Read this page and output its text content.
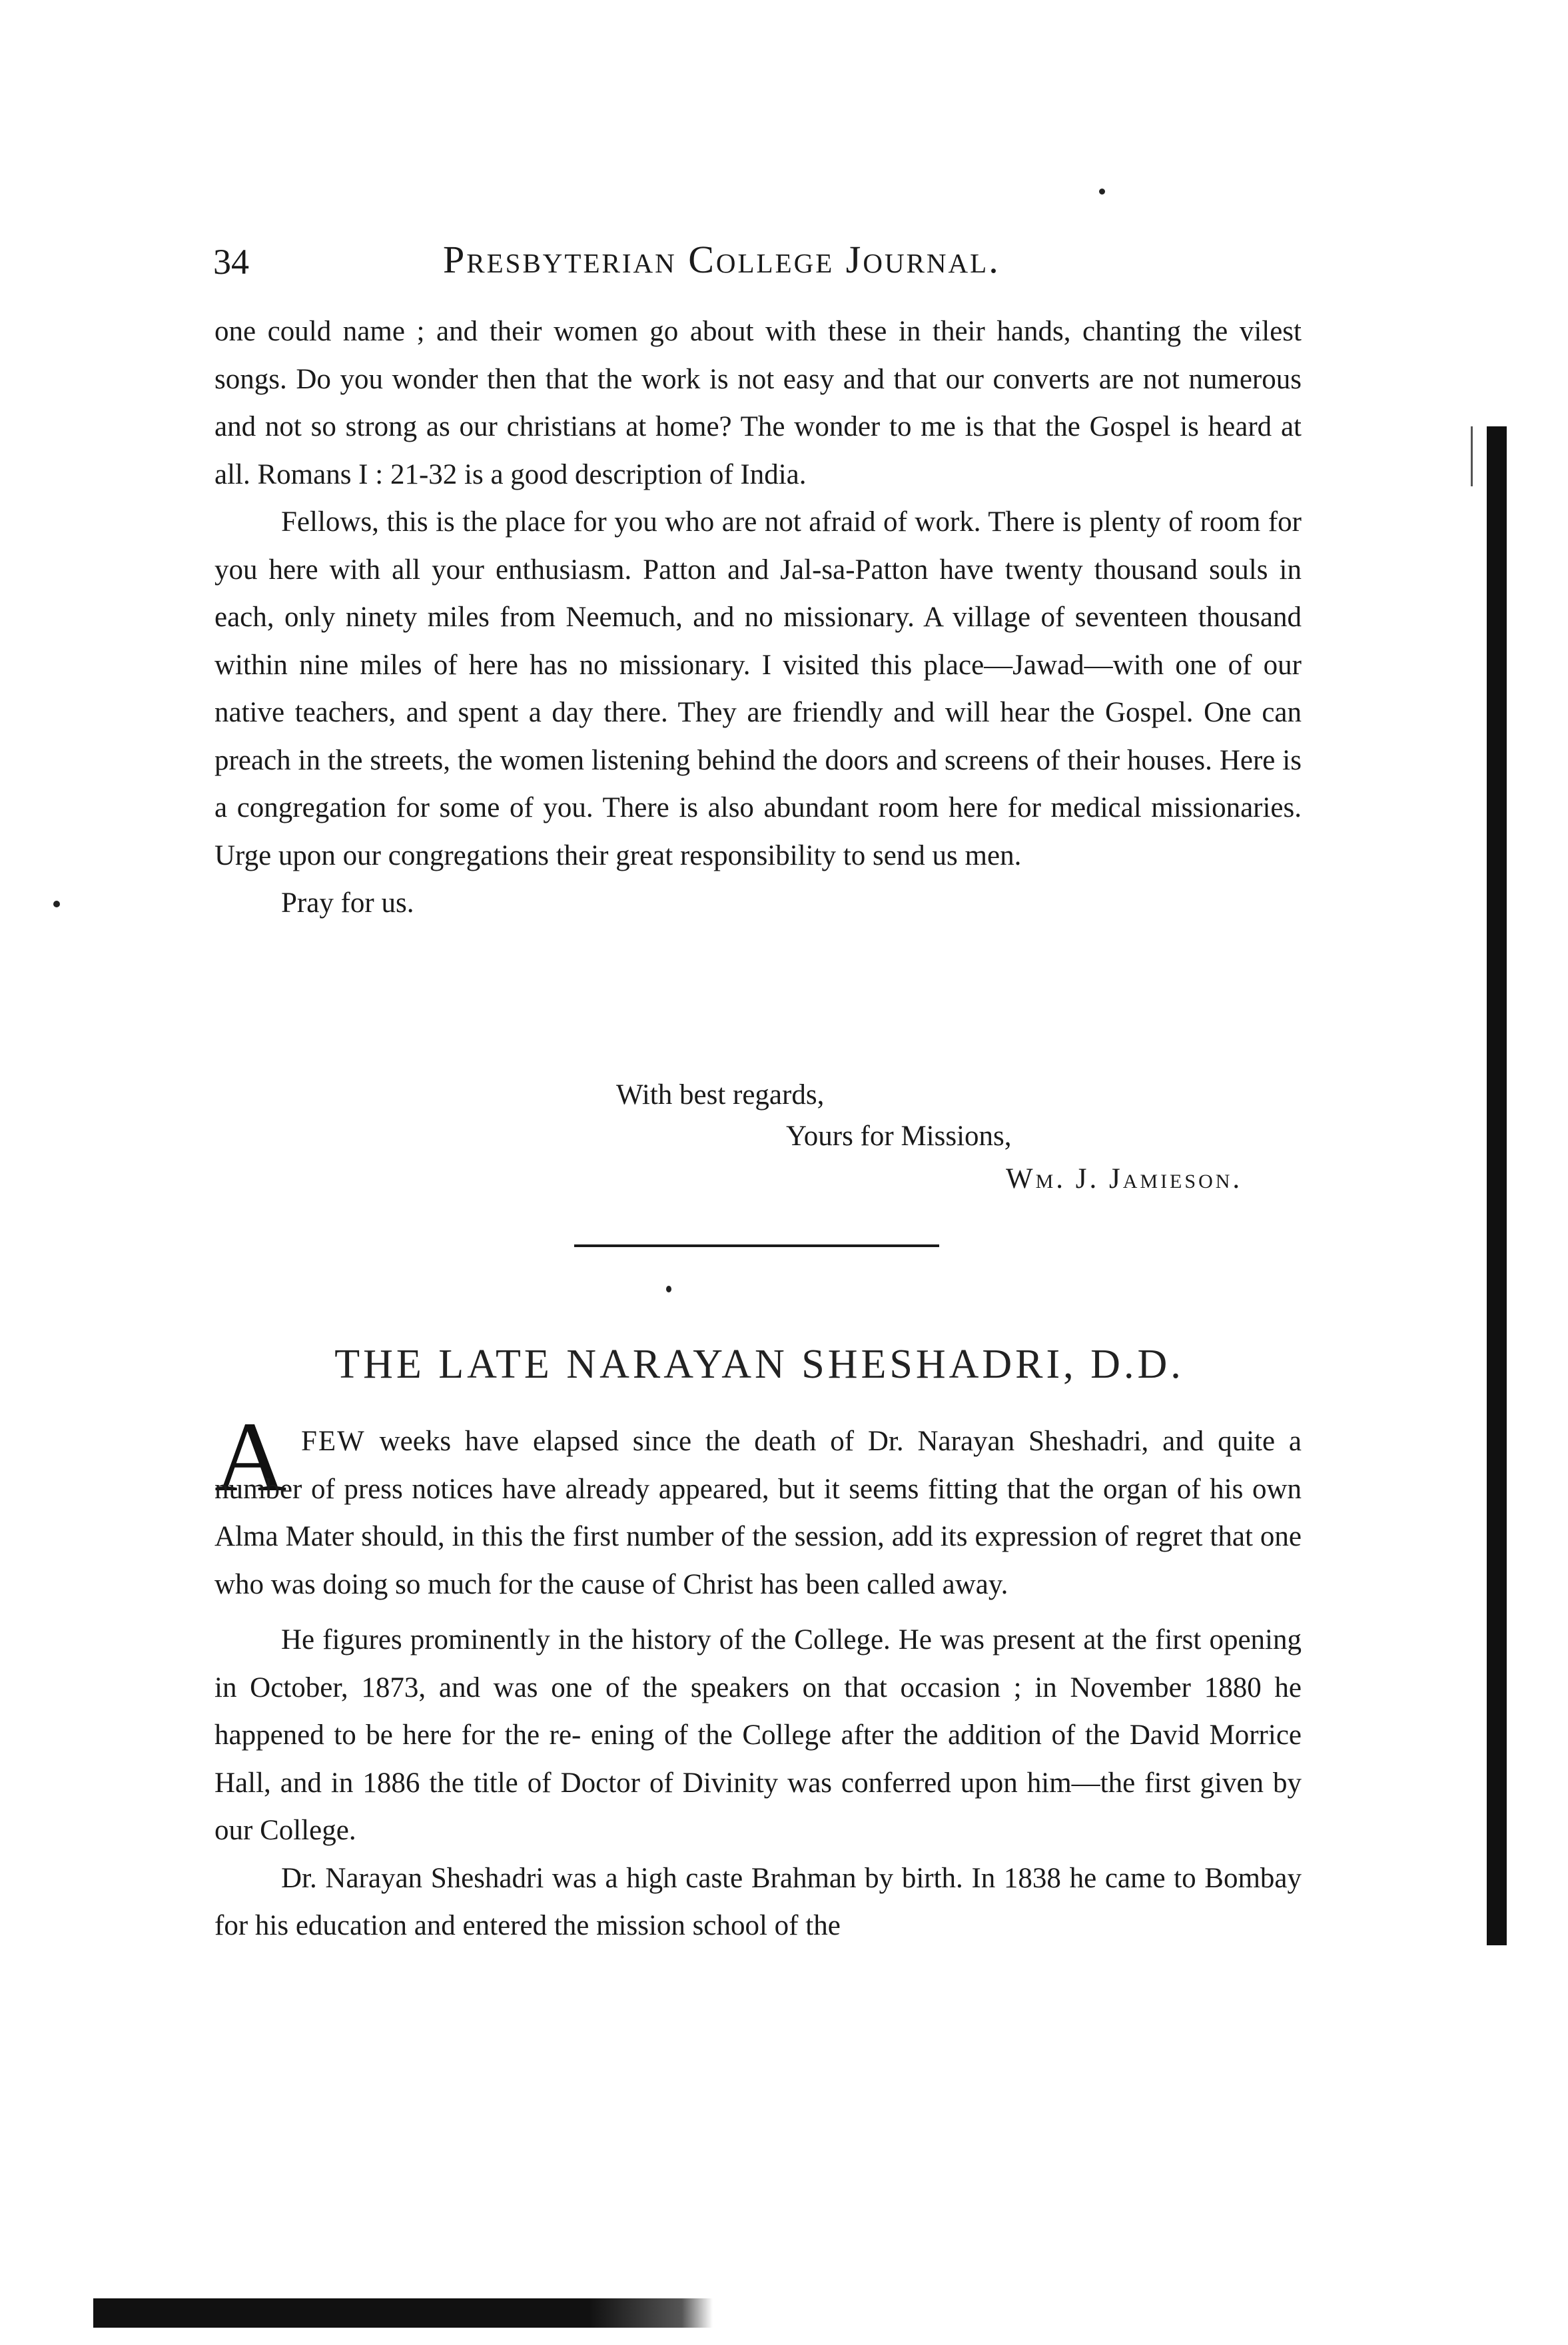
34	Presbyterian College Journal.

one could name ; and their women go about with these in their hands, chanting the vilest songs. Do you wonder then that the work is not easy and that our converts are not numerous and not so strong as our christians at home? The wonder to me is that the Gospel is heard at all. Romans I : 21-32 is a good description of India.

Fellows, this is the place for you who are not afraid of work. There is plenty of room for you here with all your enthusiasm. Patton and Jal-sa-Patton have twenty thousand souls in each, only ninety miles from Neemuch, and no missionary. A village of seventeen thousand within nine miles of here has no missionary. I visited this place—Jawad—with one of our native teachers, and spent a day there. They are friendly and will hear the Gospel. One can preach in the streets, the women listening behind the doors and screens of their houses. Here is a congregation for some of you. There is also abundant room here for medical missionaries. Urge upon our congregations their great responsibility to send us men.

Pray for us.

With best regards,
Yours for Missions,
Wm. J. Jamieson.
THE LATE NARAYAN SHESHADRI, D.D.
A FEW weeks have elapsed since the death of Dr. Narayan Sheshadri, and quite a number of press notices have already appeared, but it seems fitting that the organ of his own Alma Mater should, in this the first number of the session, add its expression of regret that one who was doing so much for the cause of Christ has been called away.

He figures prominently in the history of the College. He was present at the first opening in October, 1873, and was one of the speakers on that occasion ; in November 1880 he happened to be here for the re- ening of the College after the addition of the David Morrice Hall, and in 1886 the title of Doctor of Divinity was conferred upon him—the first given by our College.

Dr. Narayan Sheshadri was a high caste Brahman by birth. In 1838 he came to Bombay for his education and entered the mission school of the
